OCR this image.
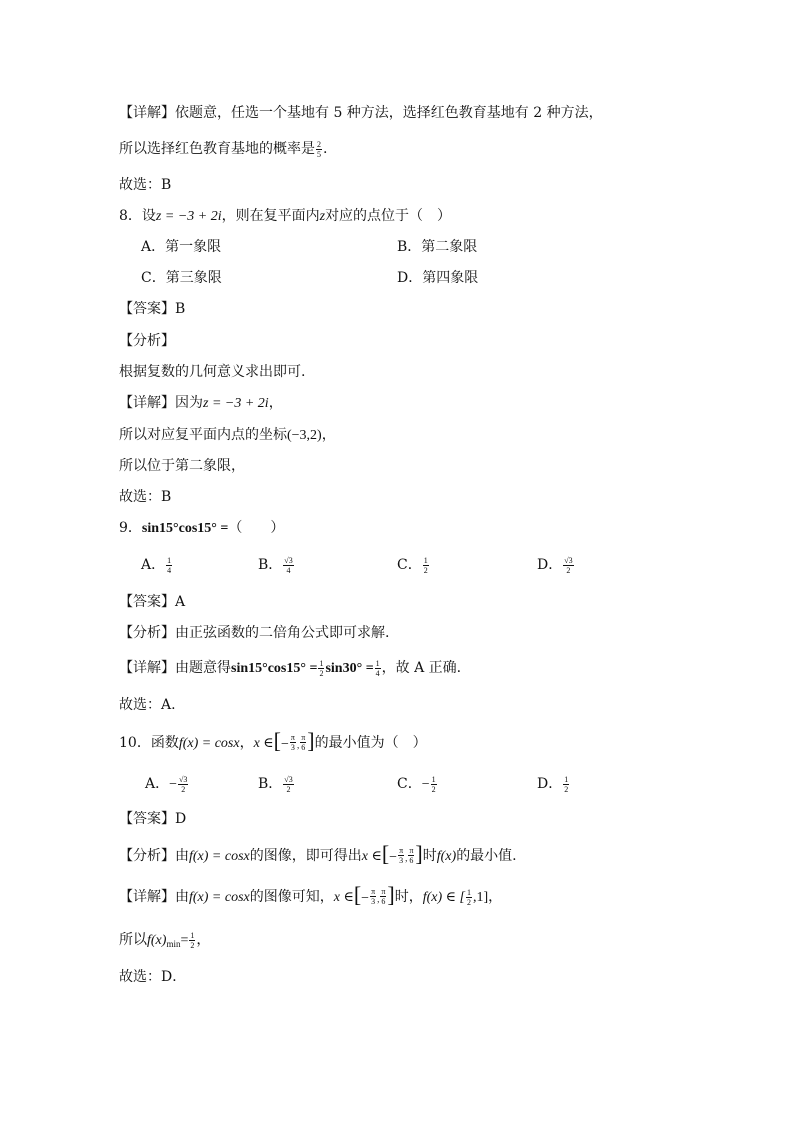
【详解】依题意，任选一个基地有 5 种方法，选择红色教育基地有 2 种方法，
所以选择红色教育基地的概率是 $\frac{2}{5}$ .
故选：B
8．设z = −3 + 2i，则在复平面内z对应的点位于（　）
A．第一象限	B．第二象限
C．第三象限	D．第四象限
【答案】B
【分析】
根据复数的几何意义求出即可.
【详解】因为z = −3 + 2i，
所以对应复平面内点的坐标(−3,2)，
所以位于第二象限，
故选：B
9．sin15°cos15° =（　　）
A． $\frac{1}{4}$	B． $\frac{√3}{4}$	C． $\frac{1}{2}$	D． $\frac{√3}{2}$
【答案】A
【分析】由正弦函数的二倍角公式即可求解.
【详解】由题意得$\sin 15^\circ\cos 15^\circ = \frac{1}{2} \sin 30^\circ = \frac{1}{4}$ ，故 A 正确.
故选：A.
10．函数f(x) = cosx，x ∈[− $\frac{\pi}{3}$ , $\frac{\pi}{6}$ ]的最小值为（　）
A．− $\frac{√3}{2}$	B． $\frac{√3}{2}$	C．− $\frac{1}{2}$	D． $\frac{1}{2}$
【答案】D
【分析】由f(x) = cosx的图像，即可得出x ∈[− $\frac{\pi}{3}$ , $\frac{\pi}{6}$ ]时f(x)的最小值.
【详解】由f(x) = cosx的图像可知，x ∈[− $\frac{\pi}{3}$ , $\frac{\pi}{6}$ ]时，f(x) ∈ [ $\frac{1}{2} ,1$]，
所以$f(x)_{min}= \frac{1}{2}$ ，
故选：D．
